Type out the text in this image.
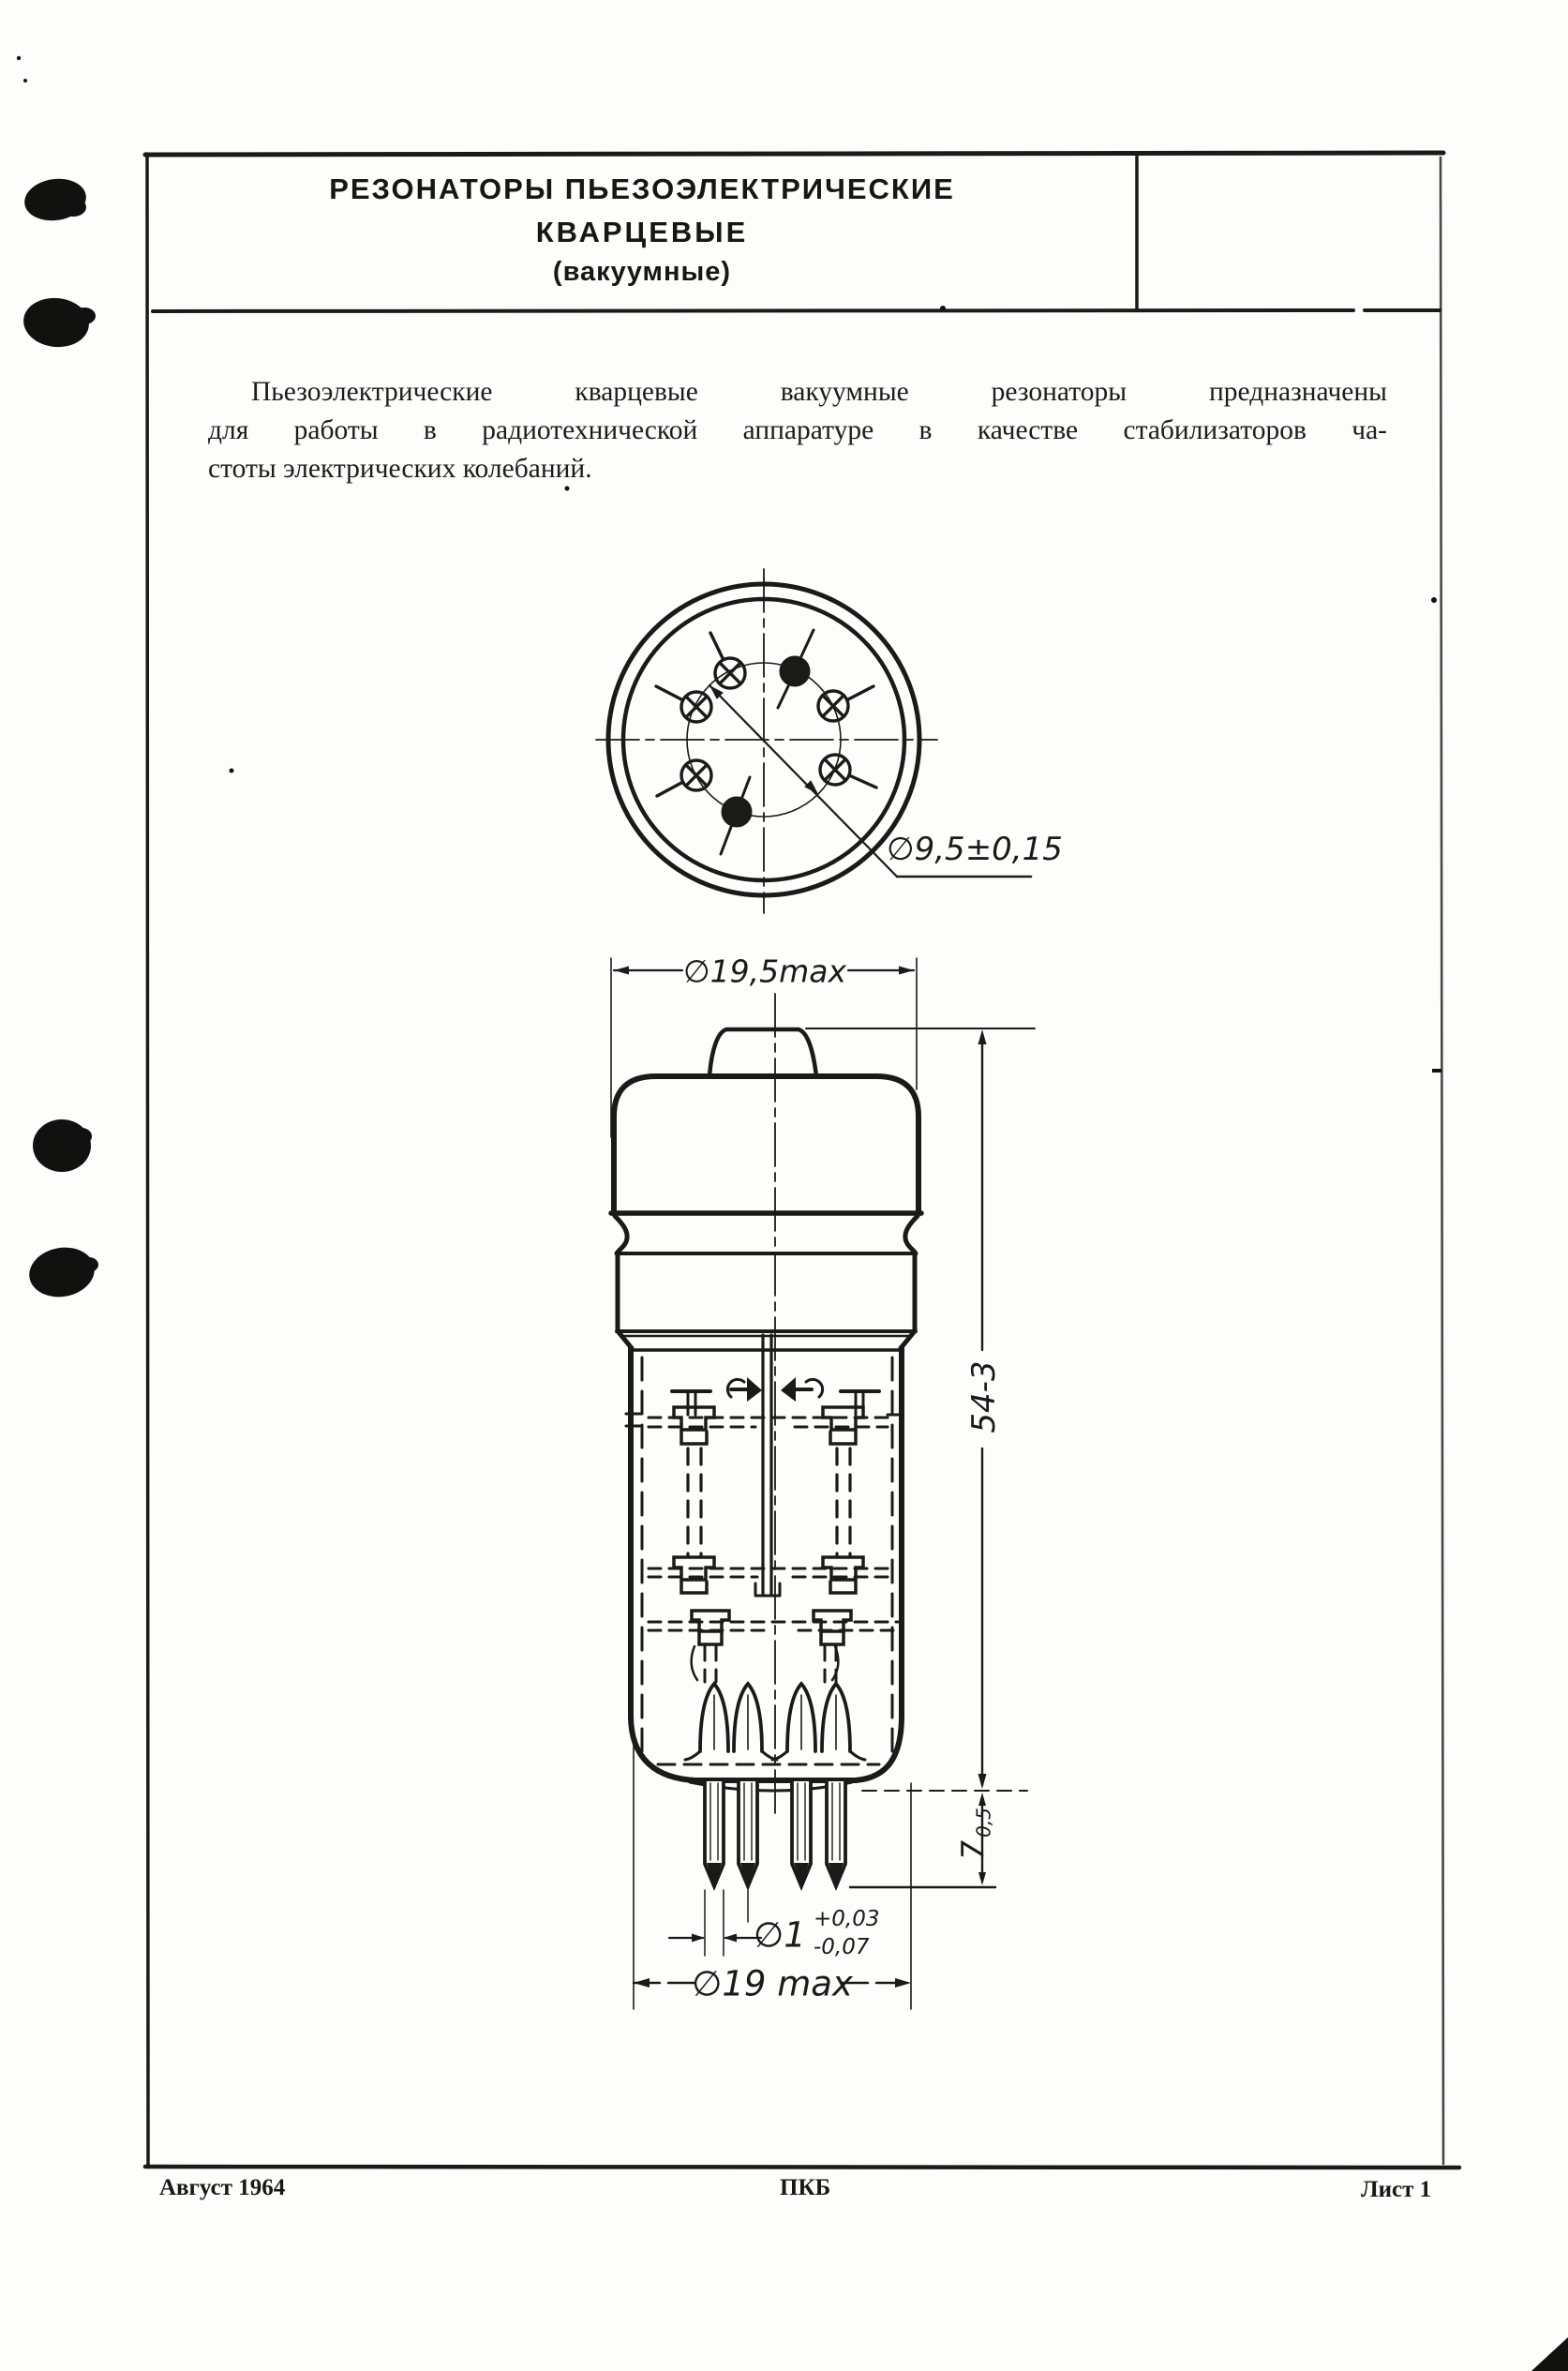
РЕЗОНАТОРЫ ПЬЕЗОЭЛЕКТРИЧЕСКИЕ
КВАРЦЕВЫЕ
(вакуумные)
Пьезоэлектрические кварцевые вакуумные резонаторы предназначены
для работы в радиотехнической аппаратуре в качестве стабилизаторов ча-
стоты электрических колебаний.
∅9,5±0,15
∅19,5max
54-3
$7_{0,5}$
∅1 +0,03
-0,07
∅19 max
Август 1964	ПКБ	Лист 1
